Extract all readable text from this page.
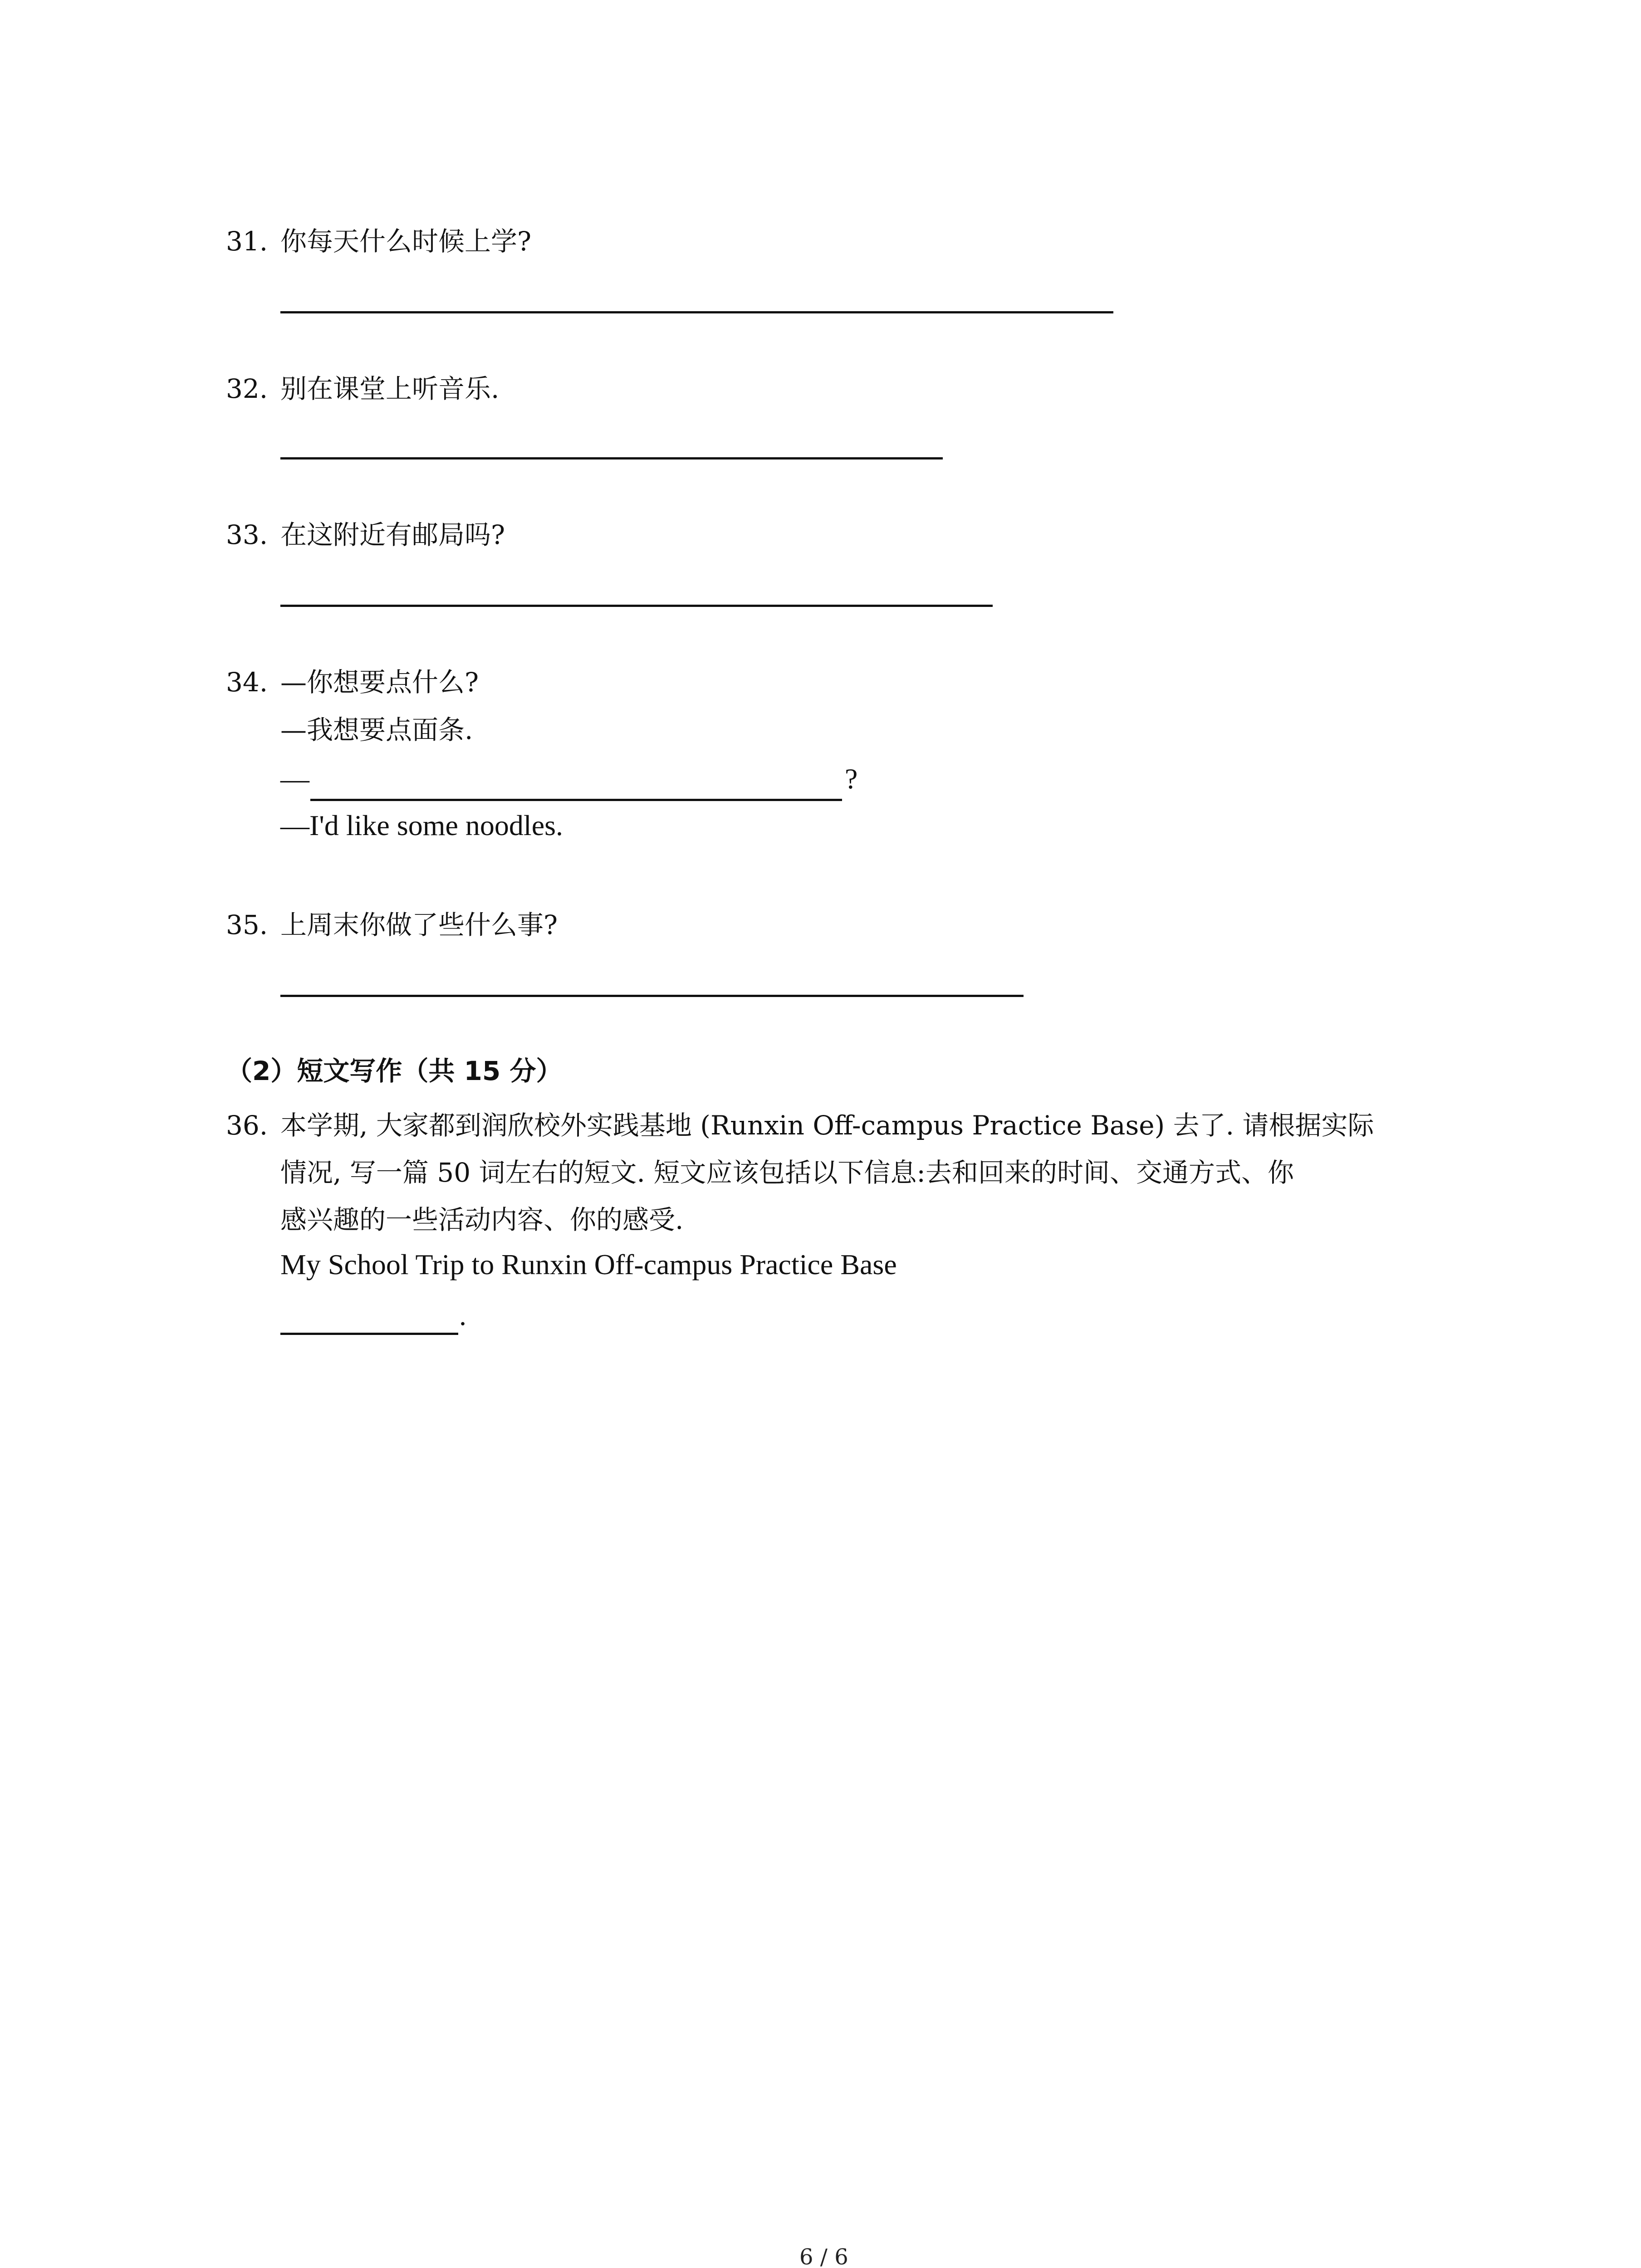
31. 你每天什么时候上学?
32. 别在课堂上听音乐.
33. 在这附近有邮局吗?
34. —你想要点什么?
—我想要点面条.
—	?
—I'd like some noodles.
35. 上周末你做了些什么事?
（2）短文写作（共 15 分）
36. 本学期, 大家都到润欣校外实践基地 (Runxin Off-campus Practice Base) 去了. 请根据实际
情况, 写一篇 50 词左右的短文. 短文应该包括以下信息:去和回来的时间、交通方式、你
感兴趣的一些活动内容、你的感受.
My School Trip to Runxin Off-campus Practice Base
.
6 / 6
